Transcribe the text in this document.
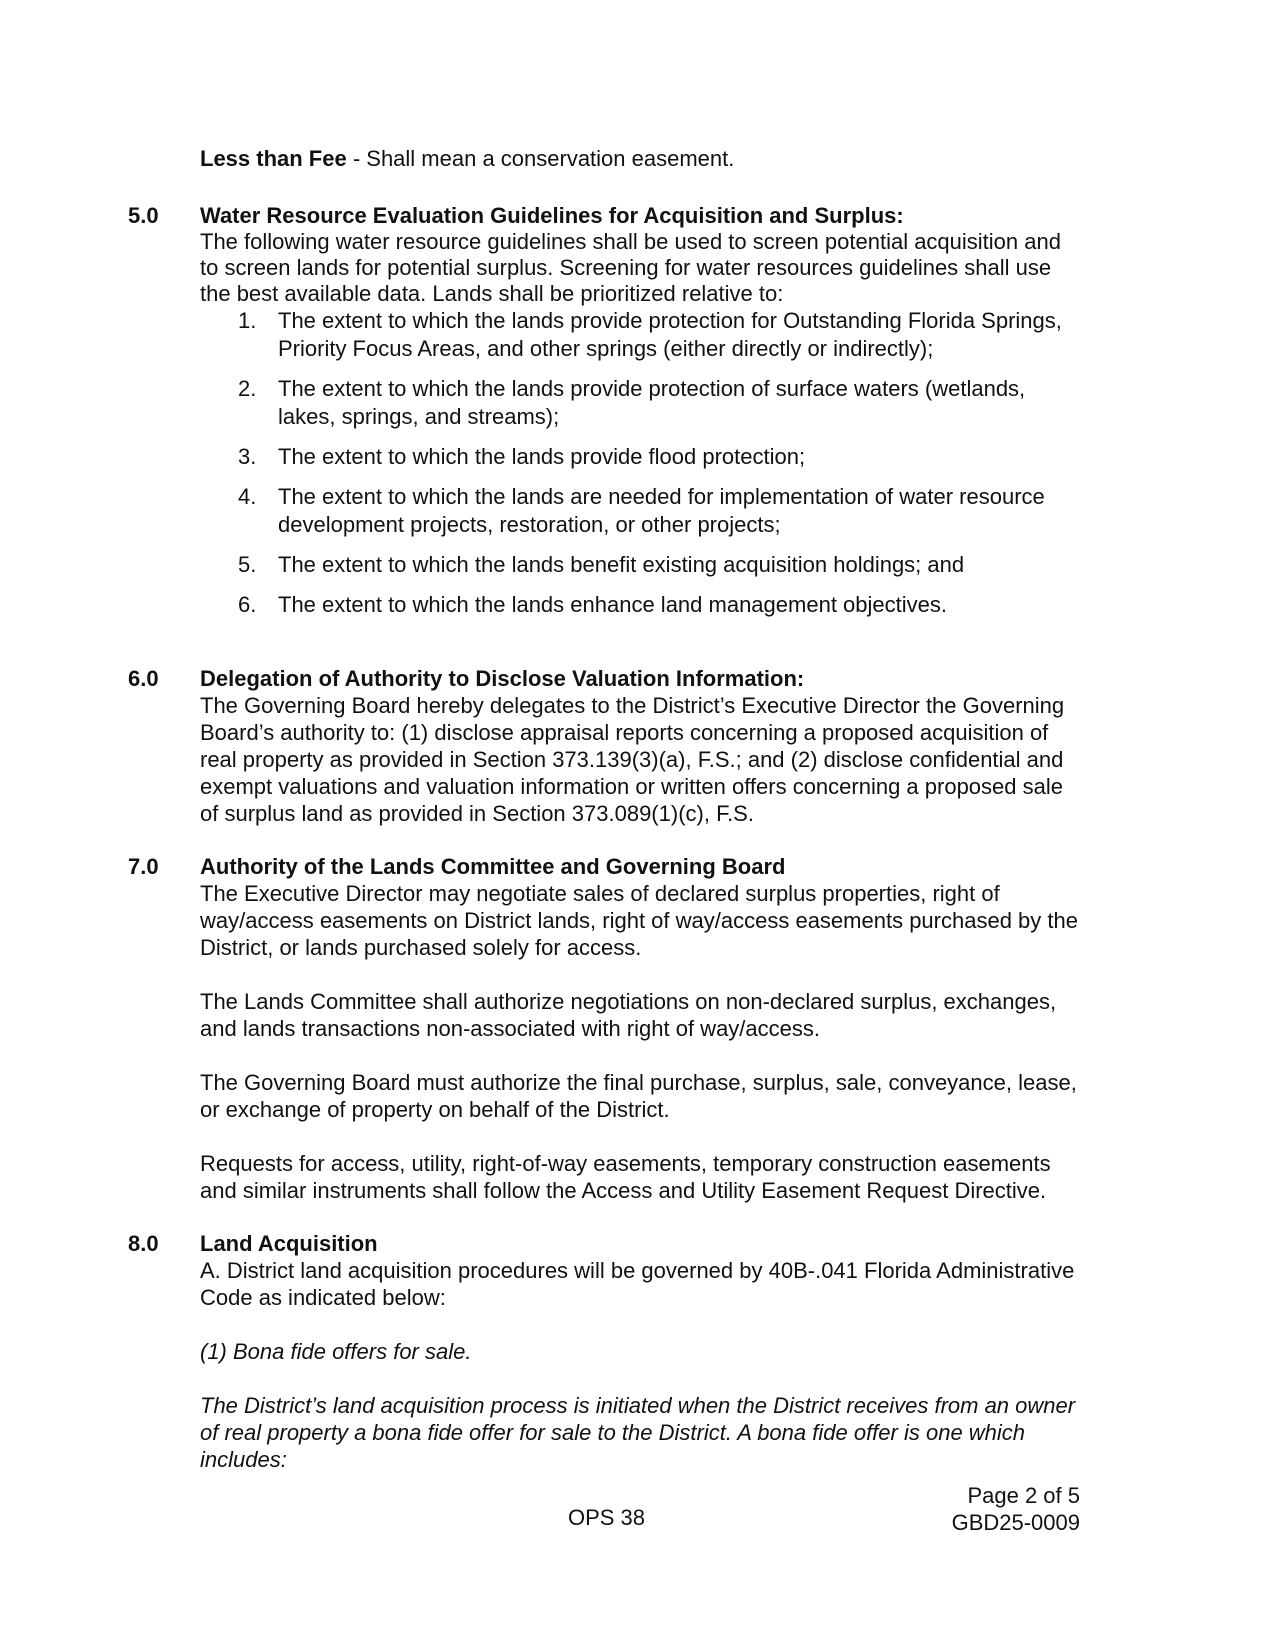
Less than Fee - Shall mean a conservation easement.

5.0	Water Resource Evaluation Guidelines for Acquisition and Surplus:

The following water resource guidelines shall be used to screen potential acquisition and to screen lands for potential surplus. Screening for water resources guidelines shall use the best available data. Lands shall be prioritized relative to:

The extent to which the lands provide protection for Outstanding Florida Springs, Priority Focus Areas, and other springs (either directly or indirectly);
The extent to which the lands provide protection of surface waters (wetlands, lakes, springs, and streams);
The extent to which the lands provide flood protection;
The extent to which the lands are needed for implementation of water resource development projects, restoration, or other projects;
The extent to which the lands benefit existing acquisition holdings; and
The extent to which the lands enhance land management objectives.
6.0	Delegation of Authority to Disclose Valuation Information:

The Governing Board hereby delegates to the District’s Executive Director the Governing Board’s authority to: (1) disclose appraisal reports concerning a proposed acquisition of real property as provided in Section 373.139(3)(a), F.S.; and (2) disclose confidential and exempt valuations and valuation information or written offers concerning a proposed sale of surplus land as provided in Section 373.089(1)(c), F.S.

7.0	Authority of the Lands Committee and Governing Board

The Executive Director may negotiate sales of declared surplus properties, right of way/access easements on District lands, right of way/access easements purchased by the District, or lands purchased solely for access.

The Lands Committee shall authorize negotiations on non-declared surplus, exchanges, and lands transactions non-associated with right of way/access.

The Governing Board must authorize the final purchase, surplus, sale, conveyance, lease, or exchange of property on behalf of the District.

Requests for access, utility, right-of-way easements, temporary construction easements and similar instruments shall follow the Access and Utility Easement Request Directive.

8.0	Land Acquisition

A. District land acquisition procedures will be governed by 40B-.041 Florida Administrative Code as indicated below:

(1) Bona fide offers for sale.

The District’s land acquisition process is initiated when the District receives from an owner of real property a bona fide offer for sale to the District. A bona fide offer is one which includes:

Page 2 of 5
GBD25-0009
OPS 38
